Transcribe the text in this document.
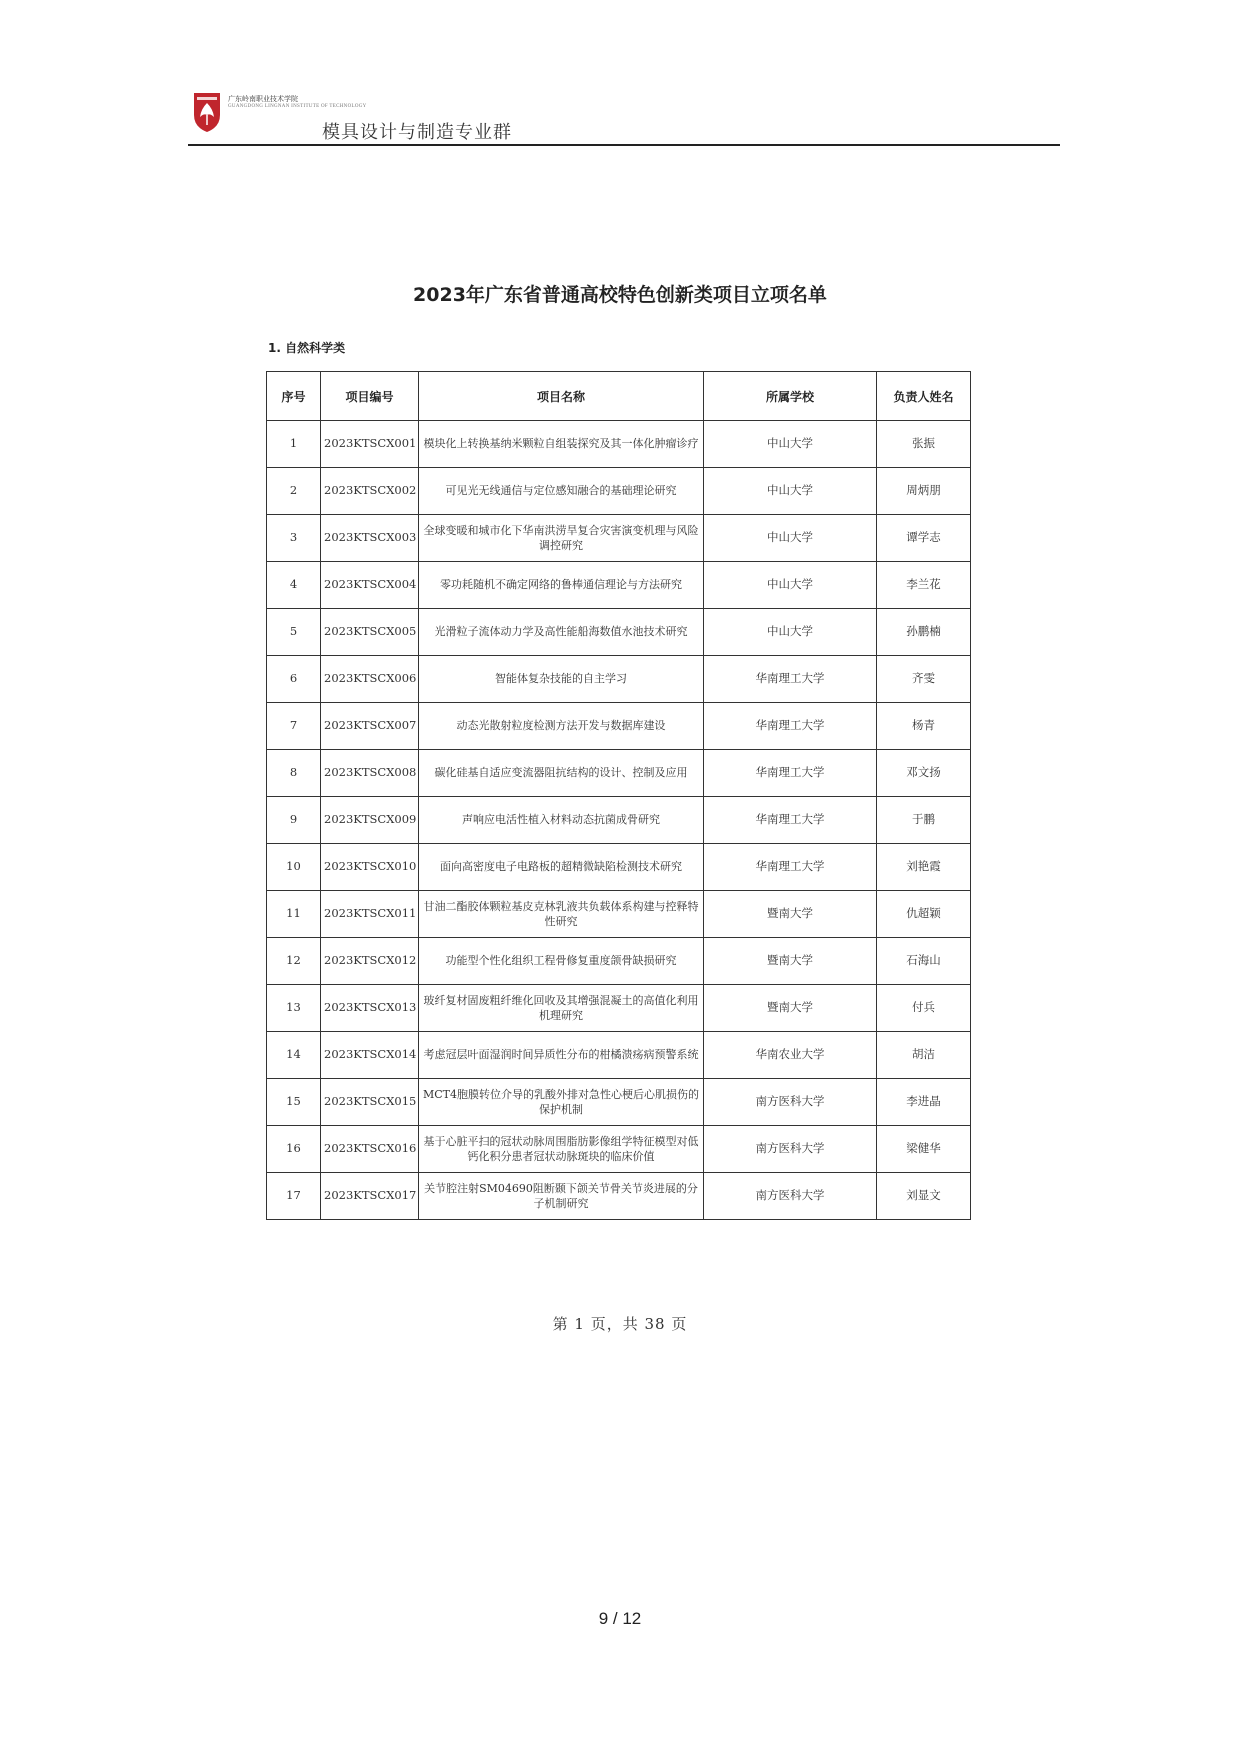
广东岭南职业技术学院
GUANGDONG LINGNAN INSTITUTE OF TECHNOLOGY
模具设计与制造专业群
2023年广东省普通高校特色创新类项目立项名单
1. 自然科学类
序号	项目编号	项目名称	所属学校	负责人姓名
1	2023KTSCX001	模块化上转换基纳米颗粒自组装探究及其一体化肿瘤诊疗	中山大学	张振
2	2023KTSCX002	可见光无线通信与定位感知融合的基础理论研究	中山大学	周炳朋
3	2023KTSCX003	全球变暖和城市化下华南洪涝旱复合灾害演变机理与风险调控研究	中山大学	谭学志
4	2023KTSCX004	零功耗随机不确定网络的鲁棒通信理论与方法研究	中山大学	李兰花
5	2023KTSCX005	光滑粒子流体动力学及高性能船海数值水池技术研究	中山大学	孙鹏楠
6	2023KTSCX006	智能体复杂技能的自主学习	华南理工大学	齐雯
7	2023KTSCX007	动态光散射粒度检测方法开发与数据库建设	华南理工大学	杨青
8	2023KTSCX008	碳化硅基自适应变流器阻抗结构的设计、控制及应用	华南理工大学	邓文扬
9	2023KTSCX009	声响应电活性植入材料动态抗菌成骨研究	华南理工大学	于鹏
10	2023KTSCX010	面向高密度电子电路板的超精微缺陷检测技术研究	华南理工大学	刘艳霞
11	2023KTSCX011	甘油二酯胶体颗粒基皮克林乳液共负载体系构建与控释特性研究	暨南大学	仇超颖
12	2023KTSCX012	功能型个性化组织工程骨修复重度颌骨缺损研究	暨南大学	石海山
13	2023KTSCX013	玻纤复材固废粗纤维化回收及其增强混凝土的高值化利用机理研究	暨南大学	付兵
14	2023KTSCX014	考虑冠层叶面湿润时间异质性分布的柑橘溃疡病预警系统	华南农业大学	胡洁
15	2023KTSCX015	MCT4胞膜转位介导的乳酸外排对急性心梗后心肌损伤的保护机制	南方医科大学	李进晶
16	2023KTSCX016	基于心脏平扫的冠状动脉周围脂肪影像组学特征模型对低钙化积分患者冠状动脉斑块的临床价值	南方医科大学	梁健华
17	2023KTSCX017	关节腔注射SM04690阻断颞下颌关节骨关节炎进展的分子机制研究	南方医科大学	刘显文
第 1 页，共 38 页
9 / 12
